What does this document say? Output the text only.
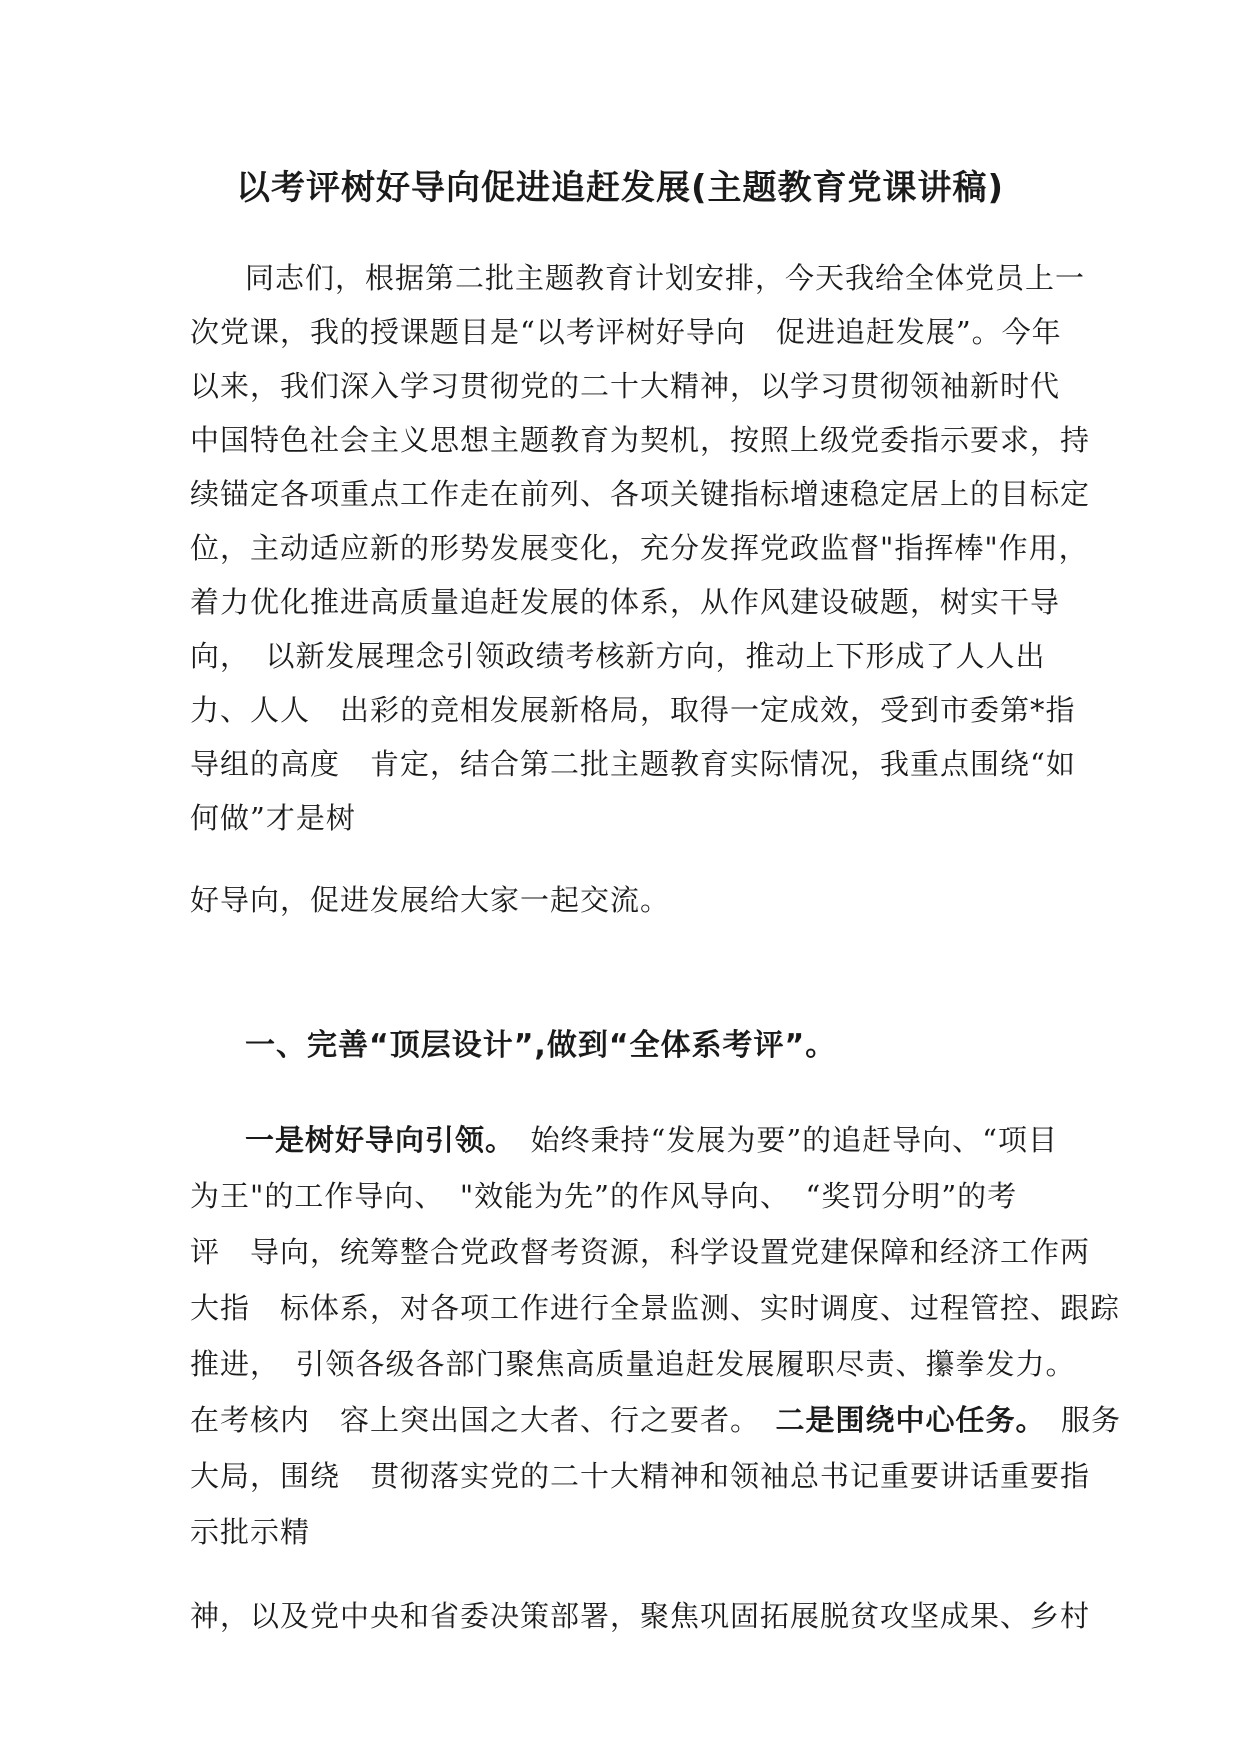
以考评树好导向促进追赶发展(主题教育党课讲稿)
同志们，根据第二批主题教育计划安排，今天我给全体党员上一
次党课，我的授课题目是“以考评树好导向　促进追赶发展”。今年
以来，我们深入学习贯彻党的二十大精神，以学习贯彻领袖新时代
中国特色社会主义思想主题教育为契机，按照上级党委指示要求，持
续锚定各项重点工作走在前列、各项关键指标增速稳定居上的目标定
位，主动适应新的形势发展变化，充分发挥党政监督"指挥棒"作用，
着力优化推进高质量追赶发展的体系，从作风建设破题，树实干导
向，　以新发展理念引领政绩考核新方向，推动上下形成了人人出
力、人人　出彩的竞相发展新格局，取得一定成效，受到市委第*指
导组的高度　肯定，结合第二批主题教育实际情况，我重点围绕“如
何做”才是树
好导向，促进发展给大家一起交流。
一、完善“顶层设计”,做到“全体系考评”。
一是树好导向引领。　始终秉持“发展为要”的追赶导向、“项目
为王"的工作导向、　"效能为先”的作风导向、　“奖罚分明”的考
评　导向，统筹整合党政督考资源，科学设置党建保障和经济工作两
大指　标体系，对各项工作进行全景监测、实时调度、过程管控、跟踪
推进，　引领各级各部门聚焦高质量追赶发展履职尽责、攥拳发力。
在考核内　容上突出国之大者、行之要者。　二是围绕中心任务。　服务
大局，围绕　贯彻落实党的二十大精神和领袖总书记重要讲话重要指
示批示精
神，以及党中央和省委决策部署，聚焦巩固拓展脱贫攻坚成果、乡村
